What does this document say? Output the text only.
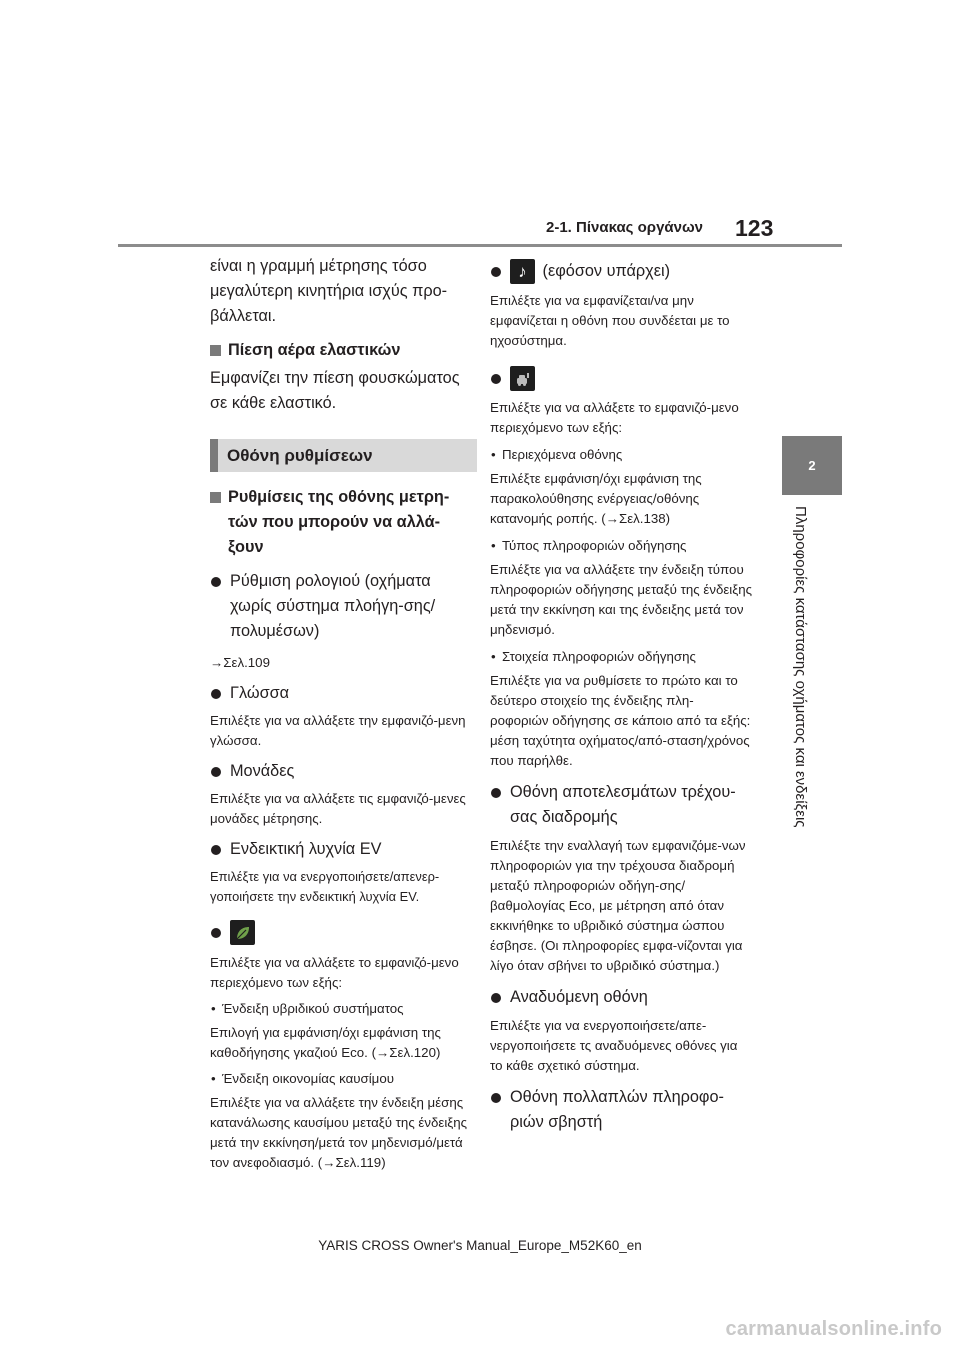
2-1. Πίνακας οργάνων 123
2
Πληροφορίες κατάστασης οχήματος και ενδείξεις

είναι η γραμμή μέτρησης τόσο μεγαλύτερη κινητήρια ισχύς προ-βάλλεται.

Πίεση αέρα ελαστικών

Εμφανίζει την πίεση φουσκώματος σε κάθε ελαστικό.

Οθόνη ρυθμίσεων

Ρυθμίσεις της οθόνης μετρη-τών που μπορούν να αλλά-ξουν

Ρύθμιση ρολογιού (οχήματα χωρίς σύστημα πλοήγη-σης/πολυμέσων)

→Σελ.109

Γλώσσα

Επιλέξτε για να αλλάξετε την εμφανιζό-μενη γλώσσα.

Μονάδες

Επιλέξτε για να αλλάξετε τις εμφανιζό-μενες μονάδες μέτρησης.

Ενδεικτική λυχνία EV

Επιλέξτε για να ενεργοποιήσετε/απενερ-γοποιήσετε την ενδεικτική λυχνία EV.

Επιλέξτε για να αλλάξετε το εμφανιζό-μενο περιεχόμενο των εξής:

• Ένδειξη υβριδικού συστήματος

Επιλογή για εμφάνιση/όχι εμφάνιση της καθοδήγησης γκαζιού Eco. (→Σελ.120)

• Ένδειξη οικονομίας καυσίμου

Επιλέξτε για να αλλάξετε την ένδειξη μέσης κατανάλωσης καυσίμου μεταξύ της ένδειξης μετά την εκκίνηση/μετά τον μηδενισμό/μετά τον ανεφοδιασμό. (→Σελ.119)

♪ (εφόσον υπάρχει)

Επιλέξτε για να εμφανίζεται/να μην εμφανίζεται η οθόνη που συνδέεται με το ηχοσύστημα.

Επιλέξτε για να αλλάξετε το εμφανιζό-μενο περιεχόμενο των εξής:

• Περιεχόμενα οθόνης

Επιλέξτε εμφάνιση/όχι εμφάνιση της παρακολούθησης ενέργειας/οθόνης κατανομής ροπής. (→Σελ.138)

• Τύπος πληροφοριών οδήγησης

Επιλέξτε για να αλλάξετε την ένδειξη τύπου πληροφοριών οδήγησης μεταξύ της ένδειξης μετά την εκκίνηση και της ένδειξης μετά τον μηδενισμό.

• Στοιχεία πληροφοριών οδήγησης

Επιλέξτε για να ρυθμίσετε το πρώτο και το δεύτερο στοιχείο της ένδειξης πλη-ροφοριών οδήγησης σε κάποιο από τα εξής: μέση ταχύτητα οχήματος/από-σταση/χρόνος που παρήλθε.

Οθόνη αποτελεσμάτων τρέχου-σας διαδρομής

Επιλέξτε την εναλλαγή των εμφανιζόμε-νων πληροφοριών για την τρέχουσα διαδρομή μεταξύ πληροφοριών οδήγη-σης/βαθμολογίας Eco, με μέτρηση από όταν εκκινήθηκε το υβριδικό σύστημα ώσπου έσβησε. (Οι πληροφορίες εμφα-νίζονται για λίγο όταν σβήνει το υβριδικό σύστημα.)

Αναδυόμενη οθόνη

Επιλέξτε για να ενεργοποιήσετε/απε-νεργοποιήσετε τς αναδυόμενες οθόνες για το κάθε σχετικό σύστημα.

Οθόνη πολλαπλών πληροφο-ριών σβηστή

YARIS CROSS Owner's Manual_Europe_M52K60_en
carmanualsonline.info
